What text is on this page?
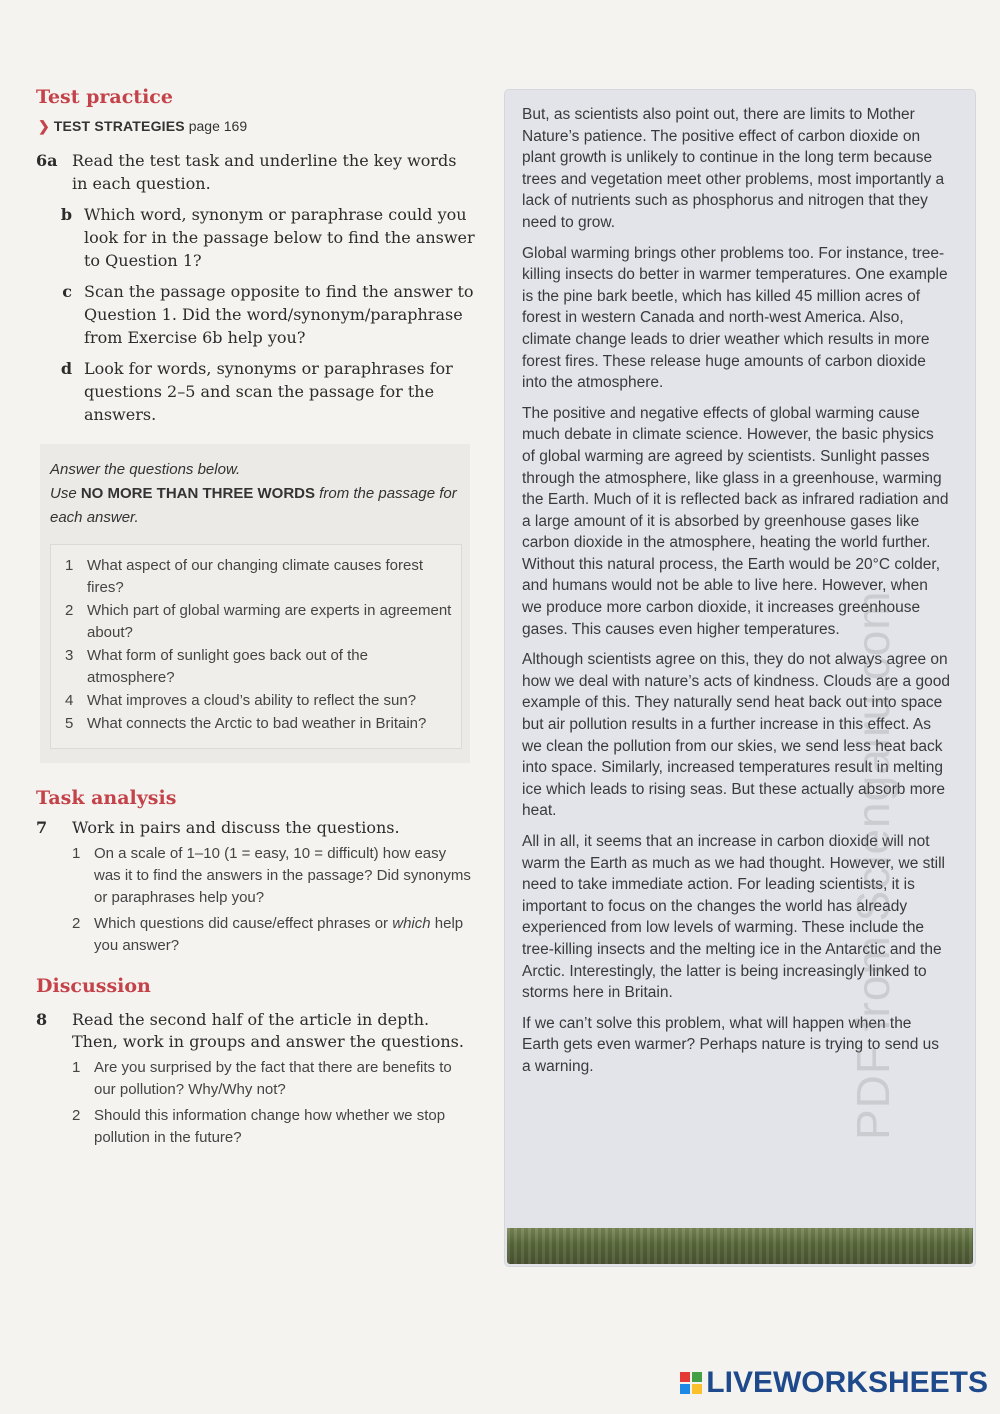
Test practice
❯ TEST STRATEGIES page 169
6a Read the test task and underline the key words in each question.
b Which word, synonym or paraphrase could you look for in the passage below to find the answer to Question 1?
c Scan the passage opposite to find the answer to Question 1. Did the word/synonym/paraphrase from Exercise 6b help you?
d Look for words, synonyms or paraphrases for questions 2–5 and scan the passage for the answers.
Answer the questions below.
Use NO MORE THAN THREE WORDS from the passage for each answer.
1 What aspect of our changing climate causes forest fires?
2 Which part of global warming are experts in agreement about?
3 What form of sunlight goes back out of the atmosphere?
4 What improves a cloud’s ability to reflect the sun?
5 What connects the Arctic to bad weather in Britain?
Task analysis
7	Work in pairs and discuss the questions.
1 On a scale of 1–10 (1 = easy, 10 = difficult) how easy was it to find the answers in the passage? Did synonyms or paraphrases help you?
2 Which questions did cause/effect phrases or which help you answer?
Discussion
8	Read the second half of the article in depth. Then, work in groups and answer the questions.
1 Are you surprised by the fact that there are benefits to our pollution? Why/Why not?
2 Should this information change how whether we stop pollution in the future?

But, as scientists also point out, there are limits to Mother Nature’s patience. The positive effect of carbon dioxide on plant growth is unlikely to continue in the long term because trees and vegetation meet other problems, most importantly a lack of nutrients such as phosphorus and nitrogen that they need to grow.

Global warming brings other problems too. For instance, tree-killing insects do better in warmer temperatures. One example is the pine bark beetle, which has killed 45 million acres of forest in western Canada and north-west America. Also, climate change leads to drier weather which results in more forest fires. These release huge amounts of carbon dioxide into the atmosphere.

The positive and negative effects of global warming cause much debate in climate science. However, the basic physics of global warming are agreed by scientists. Sunlight passes through the atmosphere, like glass in a greenhouse, warming the Earth. Much of it is reflected back as infrared radiation and a large amount of it is absorbed by greenhouse gases like carbon dioxide in the atmosphere, heating the world further. Without this natural process, the Earth would be 20°C colder, and humans would not be able to live here. However, when we produce more carbon dioxide, it increases greenhouse gases. This causes even higher temperatures.

Although scientists agree on this, they do not always agree on how we deal with nature’s acts of kindness. Clouds are a good example of this. They naturally send heat back out into space but air pollution results in a further increase in this effect. As we clean the pollution from our skies, we send less heat back into space. Similarly, increased temperatures result in melting ice which leads to rising seas. But these actually absorb more heat.

All in all, it seems that an increase in carbon dioxide will not warm the Earth as much as we had thought. However, we still need to take immediate action. For leading scientists, it is important to focus on the changes the world has already experienced from low levels of warming. These include the tree-killing insects and the melting ice in the Antarctic and the Arctic. Interestingly, the latter is being increasingly linked to storms here in Britain.

If we can’t solve this problem, what will happen when the Earth gets even warmer? Perhaps nature is trying to send us a warning.	PDF from Sciengairu.com
LIVEWORKSHEETS
